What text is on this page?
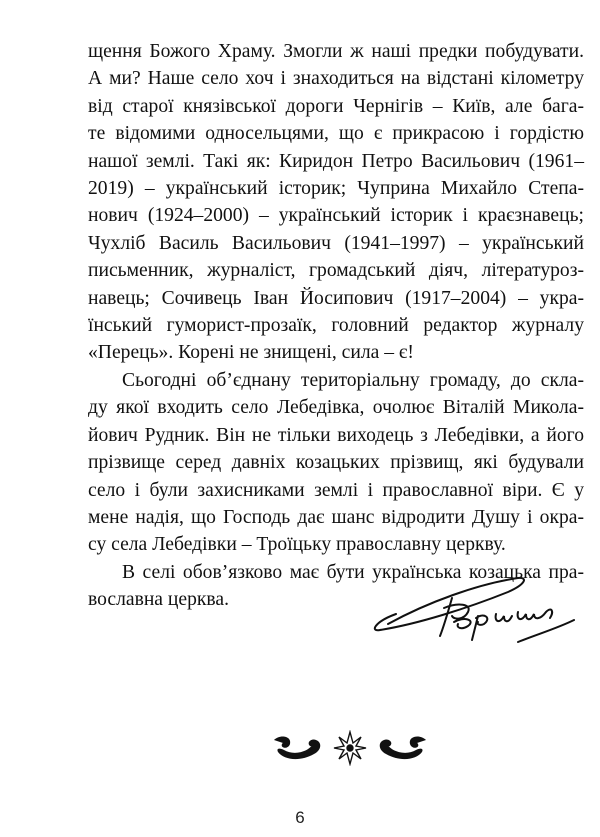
щення Божого Храму. Змогли ж наші предки побудувати.
А ми? Наше село хоч і знаходиться на відстані кілометру
від старої князівської дороги Чернігів – Київ, але бага-
те відомими односельцями, що є прикрасою і гордістю
нашої землі. Такі як: Киридон Петро Васильович (1961–
2019) – український історик; Чуприна Михайло Степа-
нович (1924–2000) – український історик і краєзнавець;
Чухліб Василь Васильович (1941–1997) – український
письменник, журналіст, громадський діяч, літературоз-
навець; Сочивець Іван Йосипович (1917–2004) – укра-
їнський гуморист-прозаїк, головний редактор журналу
«Перець». Корені не знищені, сила – є!
Сьогодні об’єднану територіальну громаду, до скла-
ду якої входить село Лебедівка, очолює Віталій Микола-
йович Рудник. Він не тільки виходець з Лебедівки, а його
прізвище серед давніх козацьких прізвищ, які будували
село і були захисниками землі і православної віри. Є у
мене надія, що Господь дає шанс відродити Душу і окра-
су села Лебедівки – Троїцьку православну церкву.
В селі обов’язково має бути українська козацька пра-
вославна церква.
6
